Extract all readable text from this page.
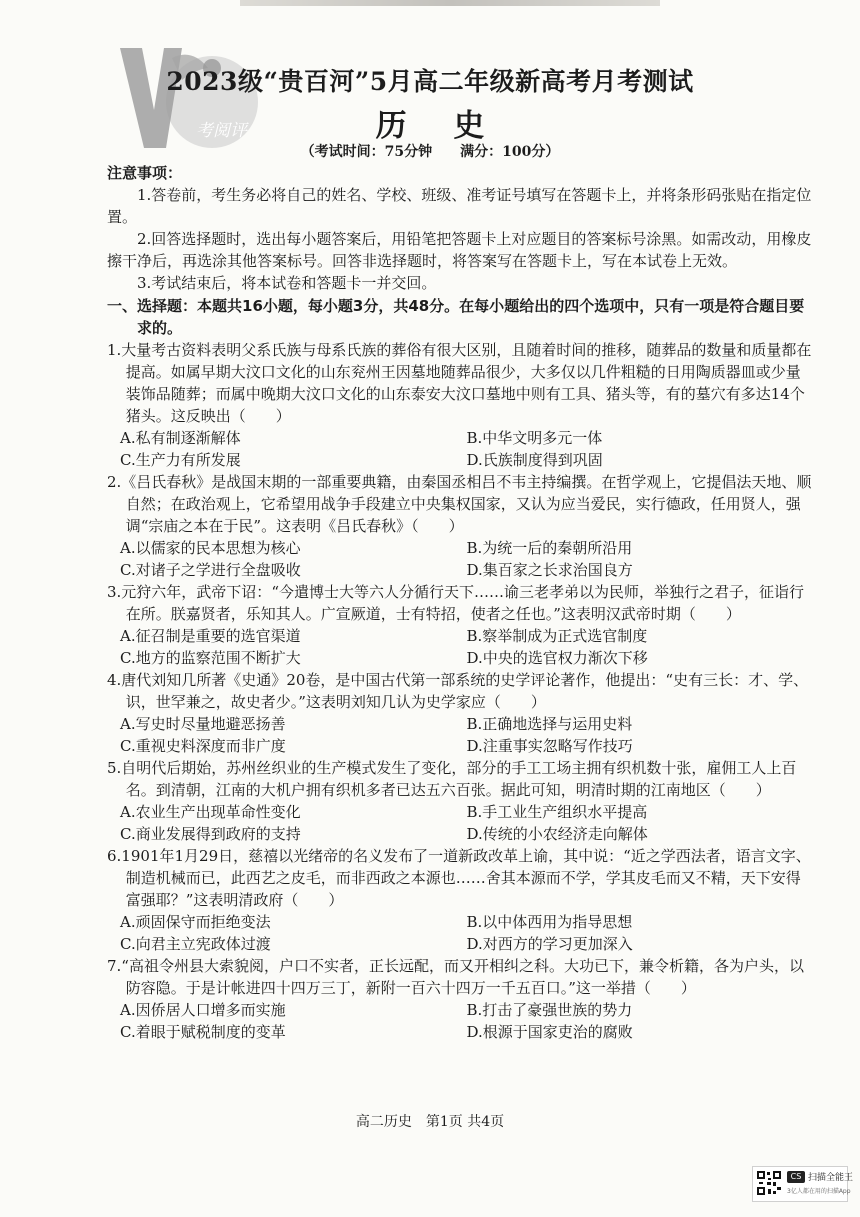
考阅评
2023级“贵百河”5月高二年级新高考月考测试
历 史
（考试时间：75分钟　　满分：100分）
注意事项：

1.答卷前，考生务必将自己的姓名、学校、班级、准考证号填写在答题卡上，并将条形码张贴在指定位置。

2.回答选择题时，选出每小题答案后，用铅笔把答题卡上对应题目的答案标号涂黑。如需改动，用橡皮擦干净后，再选涂其他答案标号。回答非选择题时，将答案写在答题卡上，写在本试卷上无效。

3.考试结束后，将本试卷和答题卡一并交回。

一、选择题：本题共16小题，每小题3分，共48分。在每小题给出的四个选项中，只有一项是符合题目要求的。
1.大量考古资料表明父系氏族与母系氏族的葬俗有很大区别，且随着时间的推移，随葬品的数量和质量都在提高。如属早期大汶口文化的山东兖州王因墓地随葬品很少，大多仅以几件粗糙的日用陶质器皿或少量装饰品随葬；而属中晚期大汶口文化的山东泰安大汶口墓地中则有工具、猪头等，有的墓穴有多达14个猪头。这反映出（　　）
A.私有制逐渐解体	B.中华文明多元一体
C.生产力有所发展	D.氏族制度得到巩固
2.《吕氏春秋》是战国末期的一部重要典籍，由秦国丞相吕不韦主持编撰。在哲学观上，它提倡法天地、顺自然；在政治观上，它希望用战争手段建立中央集权国家，又认为应当爱民，实行德政，任用贤人，强调“宗庙之本在于民”。这表明《吕氏春秋》（　　）
A.以儒家的民本思想为核心	B.为统一后的秦朝所沿用
C.对诸子之学进行全盘吸收	D.集百家之长求治国良方
3.元狩六年，武帝下诏：“今遣博士大等六人分循行天下……谕三老孝弟以为民师，举独行之君子，征诣行在所。朕嘉贤者，乐知其人。广宣厥道，士有特招，使者之任也。”这表明汉武帝时期（　　）
A.征召制是重要的选官渠道	B.察举制成为正式选官制度
C.地方的监察范围不断扩大	D.中央的选官权力渐次下移
4.唐代刘知几所著《史通》20卷，是中国古代第一部系统的史学评论著作，他提出：“史有三长：才、学、识，世罕兼之，故史者少。”这表明刘知几认为史学家应（　　）
A.写史时尽量地避恶扬善	B.正确地选择与运用史料
C.重视史料深度而非广度	D.注重事实忽略写作技巧
5.自明代后期始，苏州丝织业的生产模式发生了变化，部分的手工工场主拥有织机数十张，雇佣工人上百名。到清朝，江南的大机户拥有织机多者已达五六百张。据此可知，明清时期的江南地区（　　）
A.农业生产出现革命性变化	B.手工业生产组织水平提高
C.商业发展得到政府的支持	D.传统的小农经济走向解体
6.1901年1月29日，慈禧以光绪帝的名义发布了一道新政改革上谕，其中说：“近之学西法者，语言文字、制造机械而已，此西艺之皮毛，而非西政之本源也……舍其本源而不学，学其皮毛而又不精，天下安得富强耶？”这表明清政府（　　）
A.顽固保守而拒绝变法	B.以中体西用为指导思想
C.向君主立宪政体过渡	D.对西方的学习更加深入
7.“高祖令州县大索貌阅，户口不实者，正长远配，而又开相纠之科。大功已下，兼令析籍，各为户头，以防容隐。于是计帐进四十四万三丁，新附一百六十四万一千五百口。”这一举措（　　）
A.因侨居人口增多而实施	B.打击了豪强世族的势力
C.着眼于赋税制度的变革	D.根源于国家吏治的腐败
高二历史　第1页 共4页
CS 扫描全能王
3亿人都在用的扫描App
